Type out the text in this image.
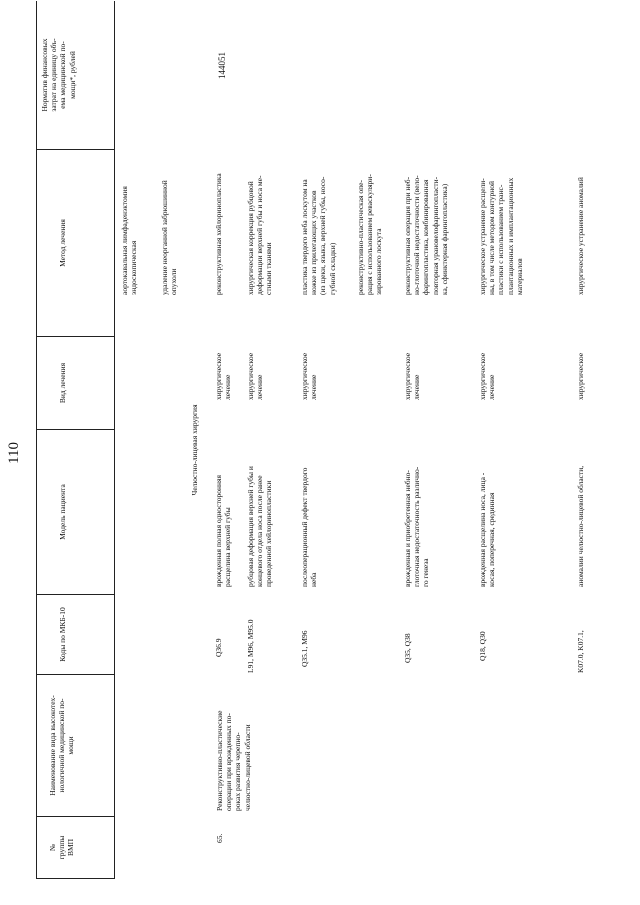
110
№
группы
ВМП
Наименование вида высокотех-
нологичной медицинской по-
мощи
Коды по МКБ-10
Модель пациента
Вид лечения
Метод лечения
Норматив финансовых
затрат на единицу объ-
ема медицинской по-
мощи*, рублей
аортокавальная лимфаденэктомия
эндоскопическая	удаление неорганной забрюшинной
опухоли
Челюстно-лицевая хирургия
65.
Реконструктивно-пластические
операции при врожденных по-
роках развития черепно-
челюстно-лицевой области
144051
Q36.9
врожденная полная односторонняя
расщелина верхней губы
хирургическое
лечение
реконструктивная хейлоринопластика
L91, M96, M95.0
рубцовая деформация верхней губы и
концевого отдела носа после ранее
проведенной хейлоринопластики
хирургическое
лечение
хирургическая коррекция рубцовой
деформации верхней губы и носа ме-
стными тканями
Q35.1, M96
послеоперационный дефект твердого
неба
хирургическое
лечение
пластика твердого неба лоскутом на
ножке из прилегающих участков
(из щеки, языка, верхней губы, носо-
губной складки)	реконструктивно-пластическая опе-
рация с использованием реваскуляри-
зированного лоскута
Q35, Q38
врожденная и приобретенная небно-
глоточная недостаточность различно-
го генеза
хирургическое
лечение
реконструктивная операция при неб-
но-глоточной недостаточности (вело-
фарингопластика, комбинированная
повторная урановелофарингопласти-
ка, сфинктерная фарингопластика)
Q18, Q30
врожденная расщелина носа, лица -
косая, поперечная, срединная
хирургическое
лечение
хирургическое устранение расщели-
ны, в том числе методом контурной
пластики с использованием транс-
плантационных и имплантационных
материалов
K07.0, K07.1,
аномалии челюстно-лицевой области,
хирургическое
хирургическое устранение аномалий
